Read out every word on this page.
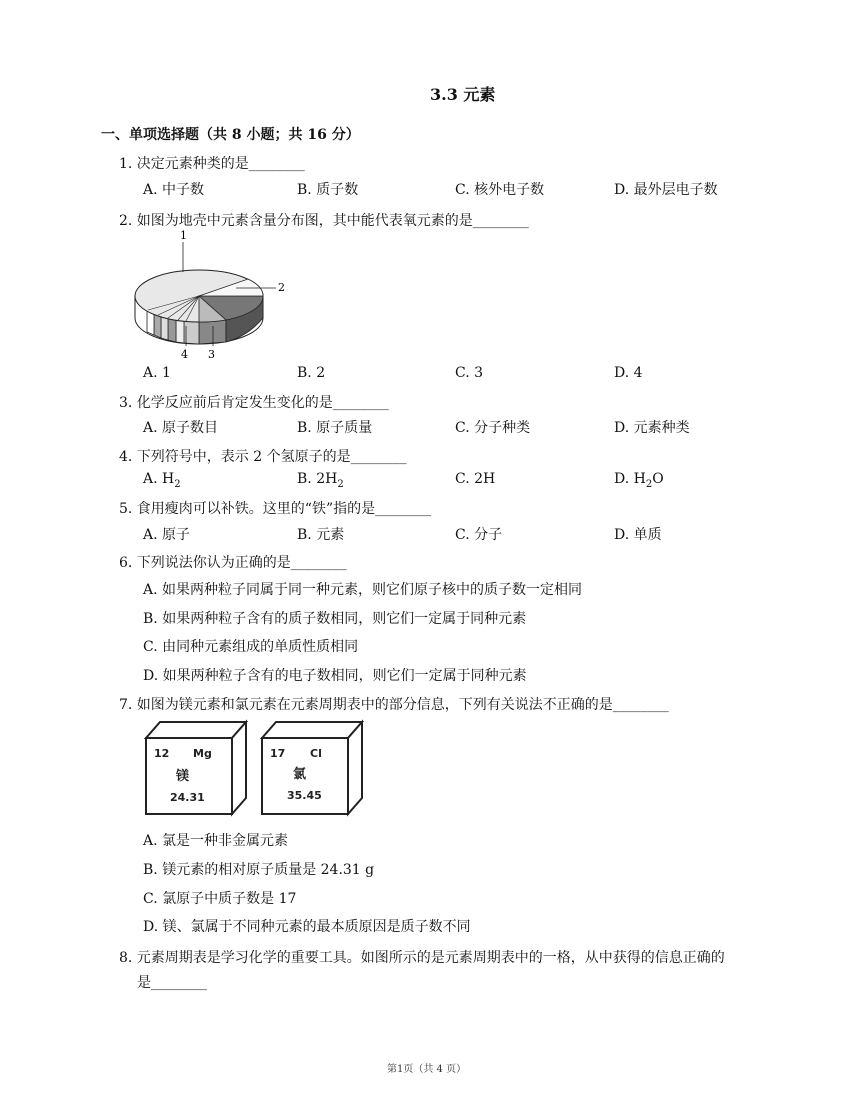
3.3 元素
一、单项选择题（共 8 小题；共 16 分）
1. 决定元素种类的是________
A. 中子数	B. 质子数	C. 核外电子数	D. 最外层电子数
2. 如图为地壳中元素含量分布图，其中能代表氧元素的是________
1
2
3
4
A. 1	B. 2	C. 3	D. 4
3. 化学反应前后肯定发生变化的是________
A. 原子数目	B. 原子质量	C. 分子种类	D. 元素种类
4. 下列符号中，表示 2 个氢原子的是________
A. $H_2$	B. $2H_2$	C. 2H	D. $H_2O$
5. 食用瘦肉可以补铁。这里的“铁”指的是________
A. 原子	B. 元素	C. 分子	D. 单质
6. 下列说法你认为正确的是________
A. 如果两种粒子同属于同一种元素，则它们原子核中的质子数一定相同
B. 如果两种粒子含有的质子数相同，则它们一定属于同种元素
C. 由同种元素组成的单质性质相同
D. 如果两种粒子含有的电子数相同，则它们一定属于同种元素
7. 如图为镁元素和氯元素在元素周期表中的部分信息，下列有关说法不正确的是________
12 Mg
镁
24.31
17 Cl
氯
35.45
A. 氯是一种非金属元素
B. 镁元素的相对原子质量是 24.31 g
C. 氯原子中质子数是 17
D. 镁、氯属于不同种元素的最本质原因是质子数不同
8. 元素周期表是学习化学的重要工具。如图所示的是元素周期表中的一格，从中获得的信息正确的
是________
第1页（共 4 页）
